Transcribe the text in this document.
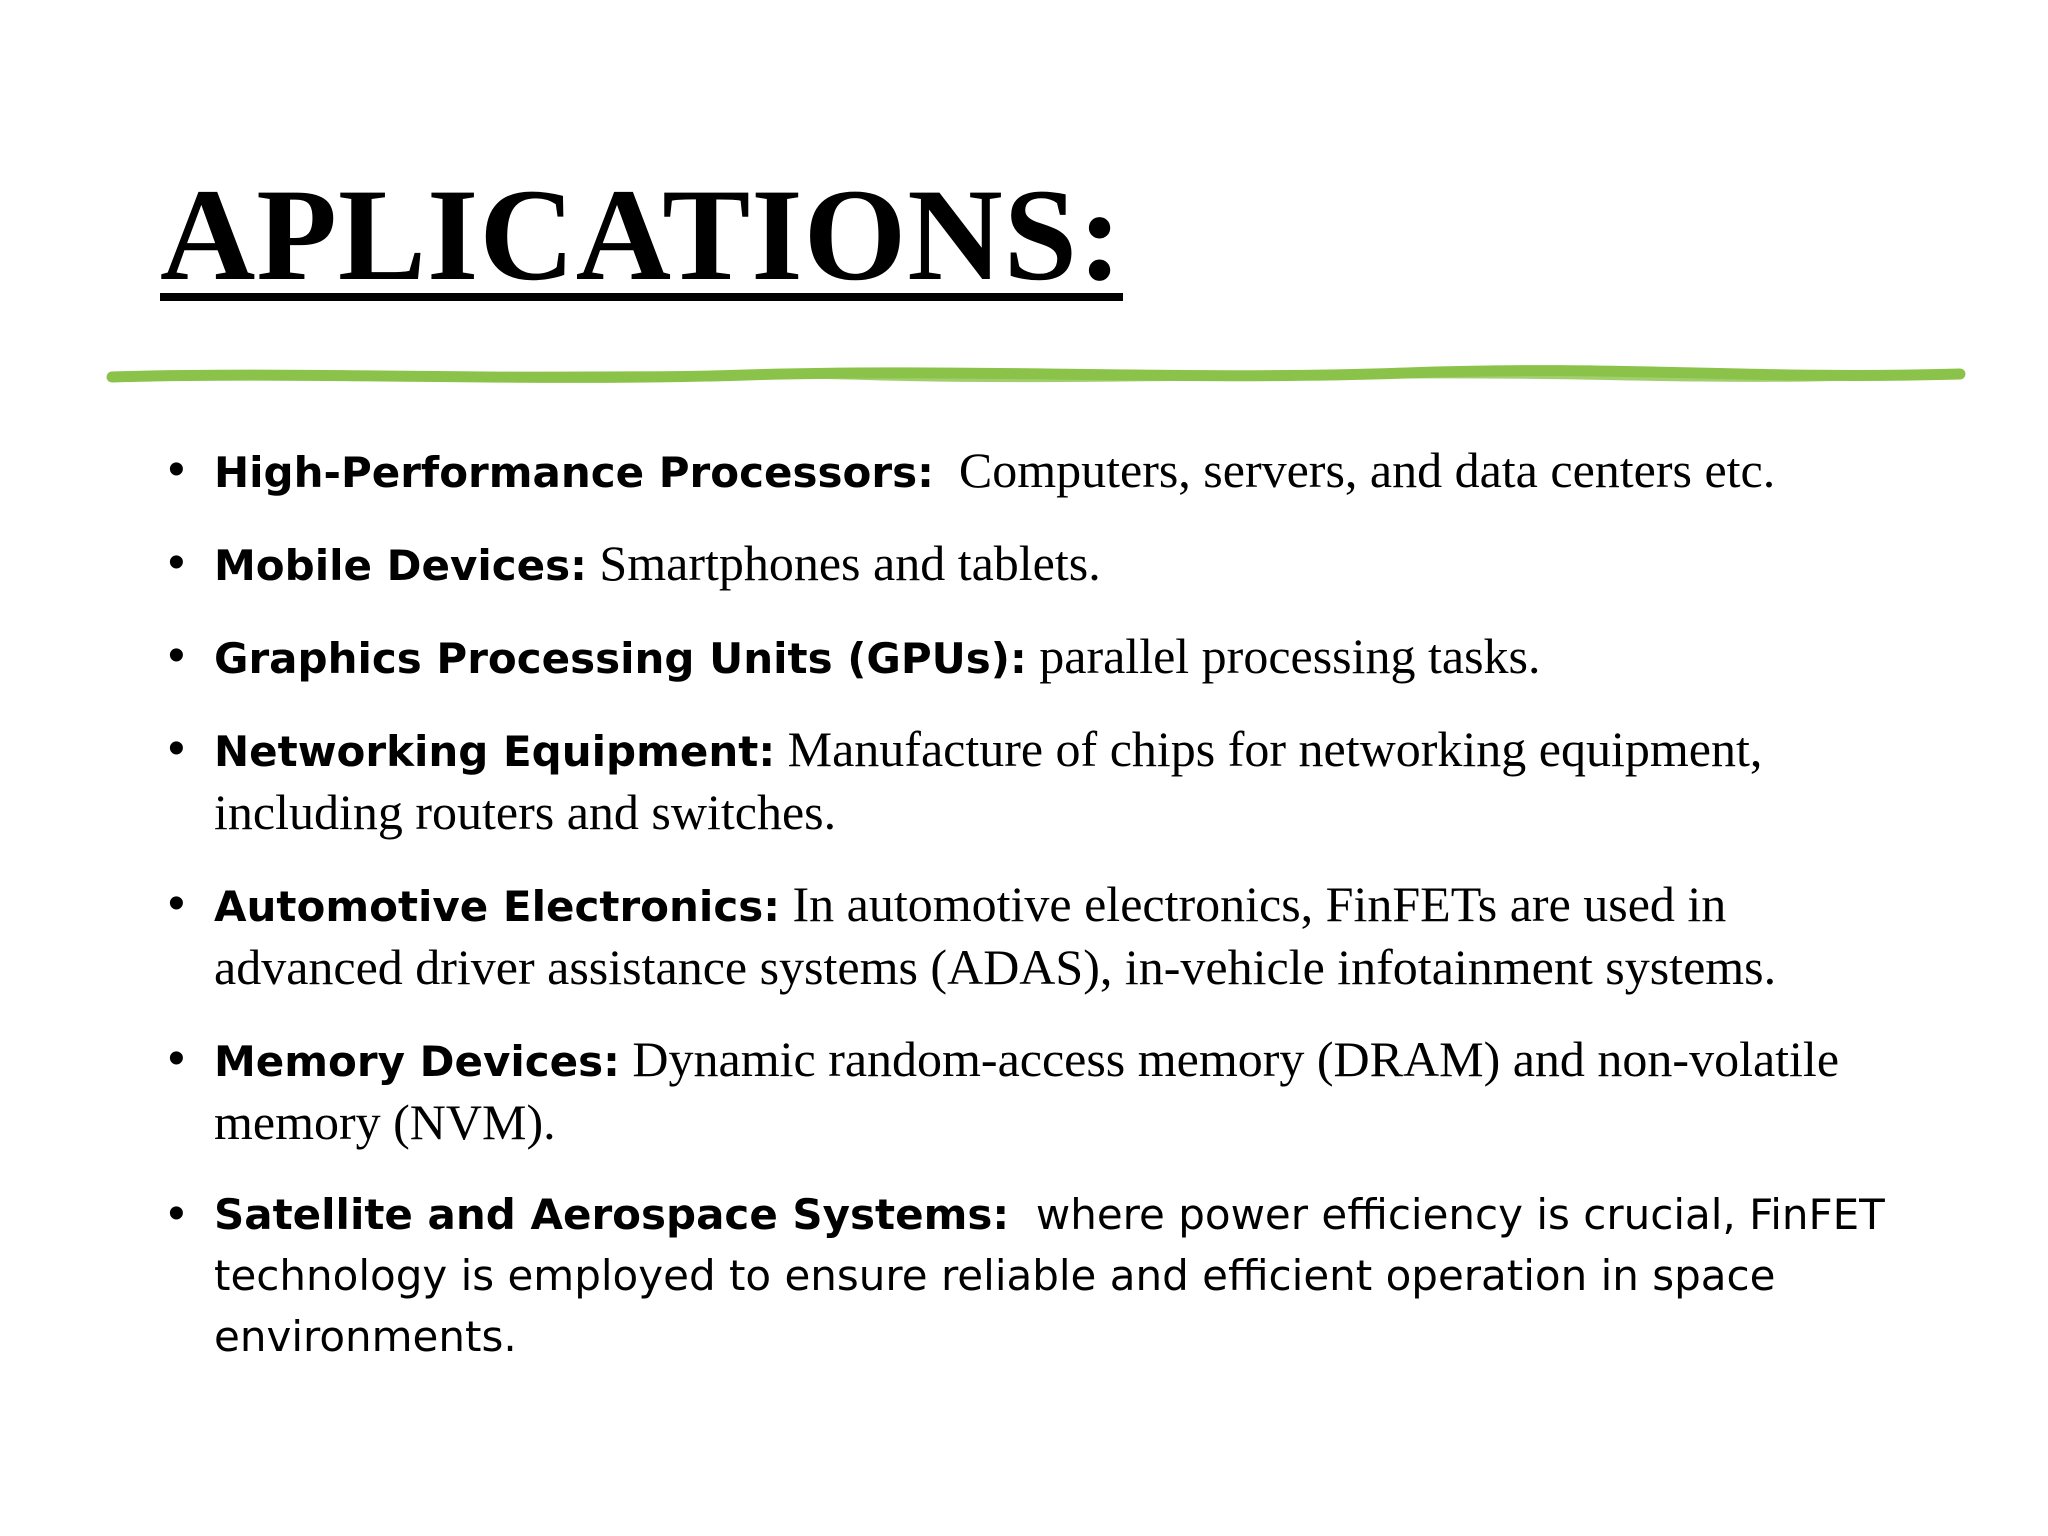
APLICATIONS:
• High-Performance Processors:  Computers, servers, and data centers etc.
• Mobile Devices: Smartphones and tablets.
• Graphics Processing Units (GPUs): parallel processing tasks.
• Networking Equipment: Manufacture of chips for networking equipment, including routers and switches.
• Automotive Electronics: In automotive electronics, FinFETs are used in advanced driver assistance systems (ADAS), in-vehicle infotainment systems.
• Memory Devices: Dynamic random-access memory (DRAM) and non-volatile memory (NVM).
• Satellite and Aerospace Systems:  where power efficiency is crucial, FinFET technology is employed to ensure reliable and efficient operation in space environments.
